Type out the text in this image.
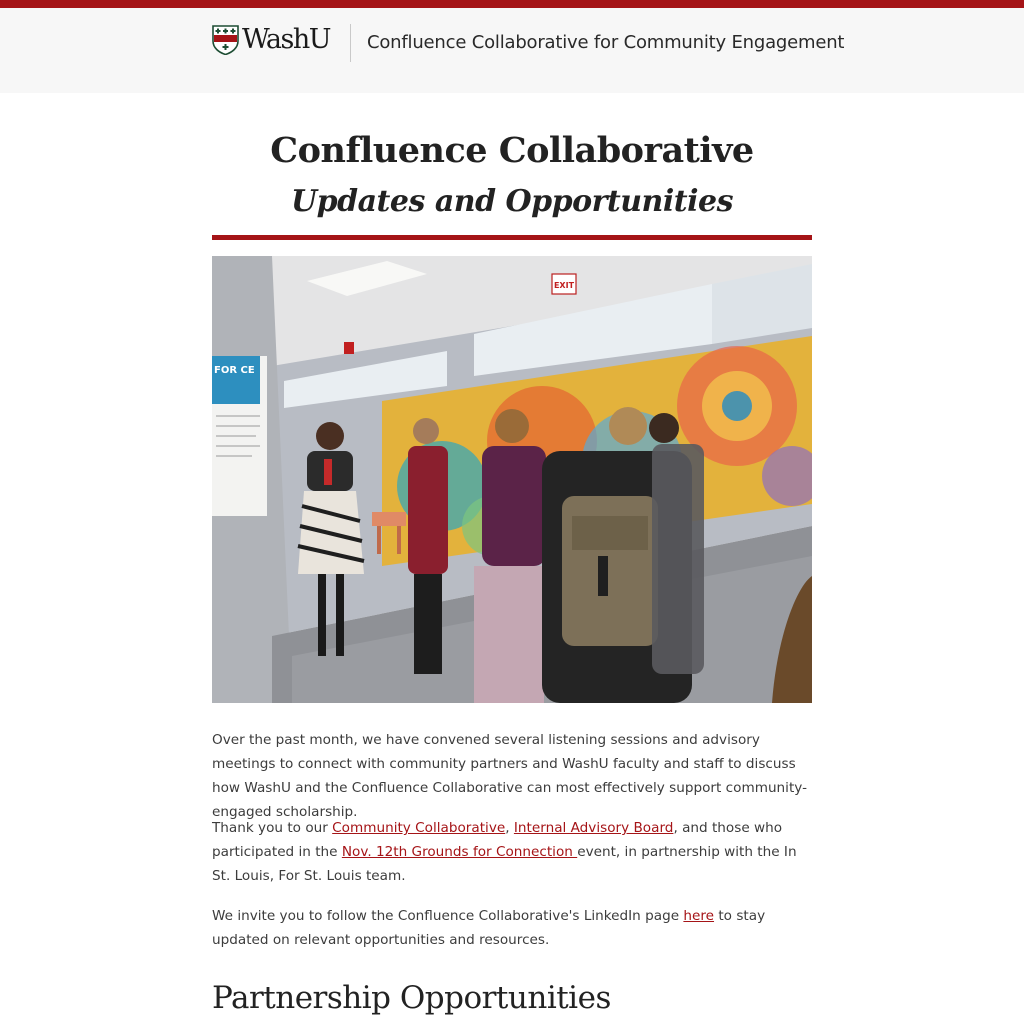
WashU Confluence Collaborative for Community Engagement
Confluence Collaborative
Updates and Opportunities
EXIT
FOR CE

Over the past month, we have convened several listening sessions and advisory meetings to connect with community partners and WashU faculty and staff to discuss how WashU and the Confluence Collaborative can most effectively support community-engaged scholarship.

Thank you to our Community Collaborative, Internal Advisory Board, and those who participated in the Nov. 12th Grounds for Connection event, in partnership with the In St. Louis, For St. Louis team.

We invite you to follow the Confluence Collaborative's LinkedIn page here to stay updated on relevant opportunities and resources.

Partnership Opportunities
